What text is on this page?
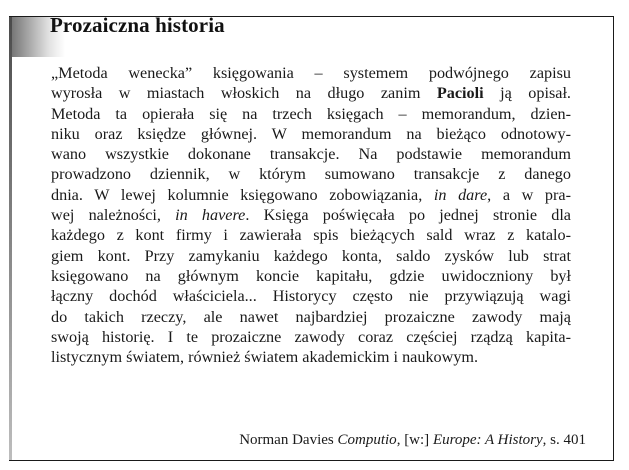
Prozaiczna historia
„Metoda wenecka” księgowania – systemem podwójnego zapisu
wyrosła w miastach włoskich na długo zanim Pacioli ją opisał.
Metoda ta opierała się na trzech księgach – memorandum, dzien-
niku oraz księdze głównej. W memorandum na bieżąco odnotowy-
wano wszystkie dokonane transakcje. Na podstawie memorandum
prowadzono dziennik, w którym sumowano transakcje z danego
dnia. W lewej kolumnie księgowano zobowiązania, in dare, a w pra-
wej należności, in havere. Księga poświęcała po jednej stronie dla
każdego z kont firmy i zawierała spis bieżących sald wraz z katalo-
giem kont. Przy zamykaniu każdego konta, saldo zysków lub strat
księgowano na głównym koncie kapitału, gdzie uwidoczniony był
łączny dochód właściciela... Historycy często nie przywiązują wagi
do takich rzeczy, ale nawet najbardziej prozaiczne zawody mają
swoją historię. I te prozaiczne zawody coraz częściej rządzą kapita-
listycznym światem, również światem akademickim i naukowym.
Norman Davies Computio, [w:] Europe: A History, s. 401
